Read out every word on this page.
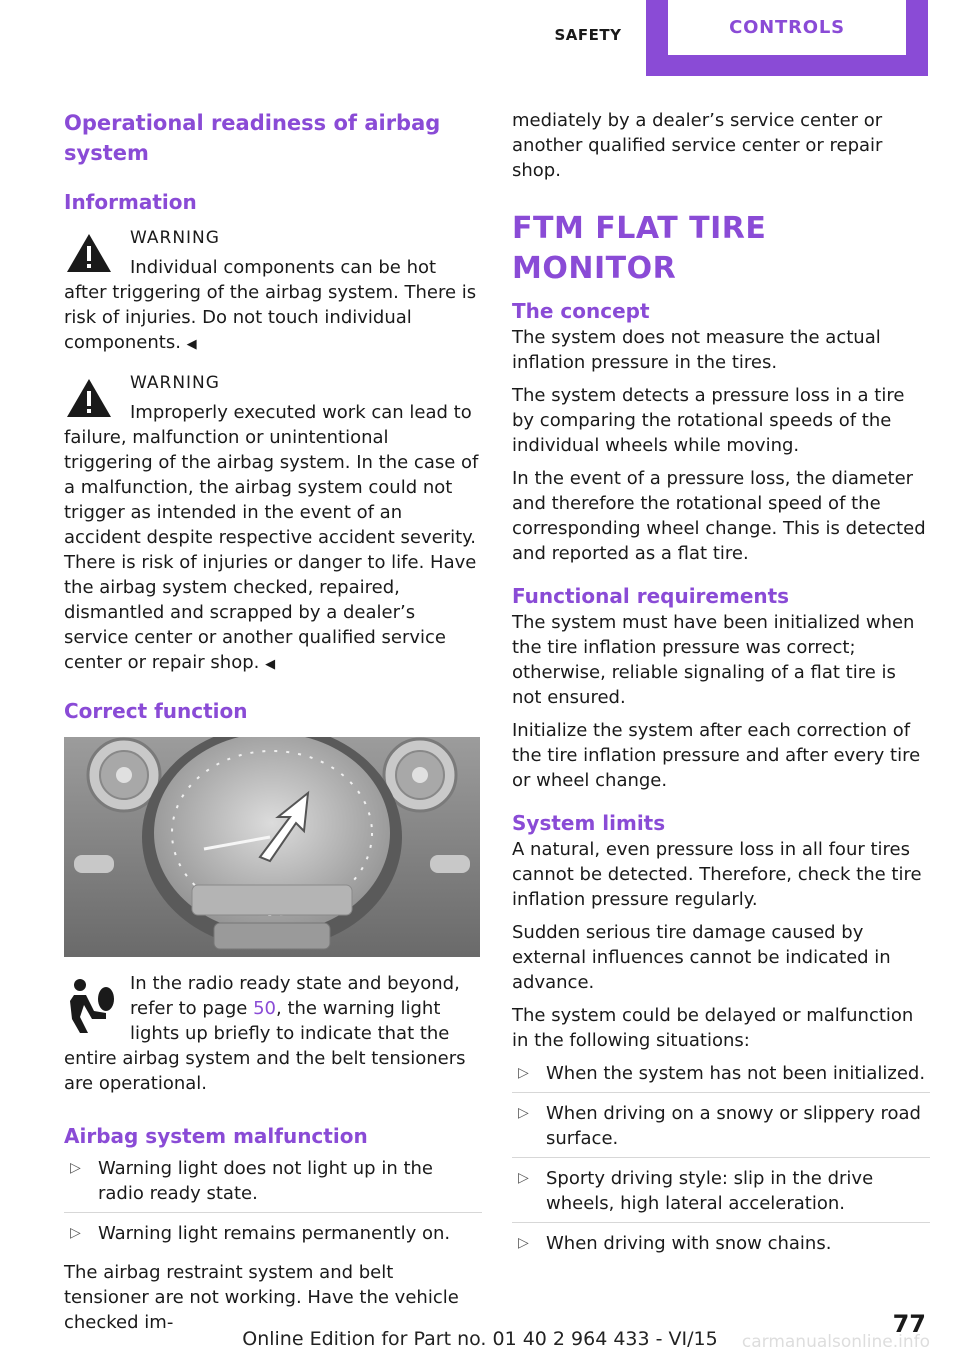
SAFETY	CONTROLS
Operational readiness of airbag system
Information

WARNING

Individual components can be hot after triggering of the airbag system. There is risk of injuries. Do not touch individual components. ◀

WARNING

Improperly executed work can lead to failure, malfunction or unintentional triggering of the airbag system. In the case of a malfunction, the airbag system could not trigger as intended in the event of an accident despite respective accident severity. There is risk of injuries or danger to life. Have the airbag system checked, repaired, dismantled and scrapped by a dealer’s service center or another qualified service center or repair shop. ◀

Correct function

In the radio ready state and beyond, refer to page 50, the warning light lights up briefly to indicate that the entire airbag system and the belt tensioners are operational.

Airbag system malfunction
▷ Warning light does not light up in the radio ready state.
▷ Warning light remains permanently on.

The airbag restraint system and belt tensioner are not working. Have the vehicle checked im-

mediately by a dealer’s service center or another qualified service center or repair shop.

FTM FLAT TIRE MONITOR
The concept

The system does not measure the actual inflation pressure in the tires.

The system detects a pressure loss in a tire by comparing the rotational speeds of the individual wheels while moving.

In the event of a pressure loss, the diameter and therefore the rotational speed of the corresponding wheel change. This is detected and reported as a flat tire.

Functional requirements

The system must have been initialized when the tire inflation pressure was correct; otherwise, reliable signaling of a flat tire is not ensured.

Initialize the system after each correction of the tire inflation pressure and after every tire or wheel change.

System limits

A natural, even pressure loss in all four tires cannot be detected. Therefore, check the tire inflation pressure regularly.

Sudden serious tire damage caused by external influences cannot be indicated in advance.

The system could be delayed or malfunction in the following situations:

▷ When the system has not been initialized.
▷ When driving on a snowy or slippery road surface.
▷ Sporty driving style: slip in the drive wheels, high lateral acceleration.
▷ When driving with snow chains.
77
Online Edition for Part no. 01 40 2 964 433 - VI/15	carmanualsonline.info
